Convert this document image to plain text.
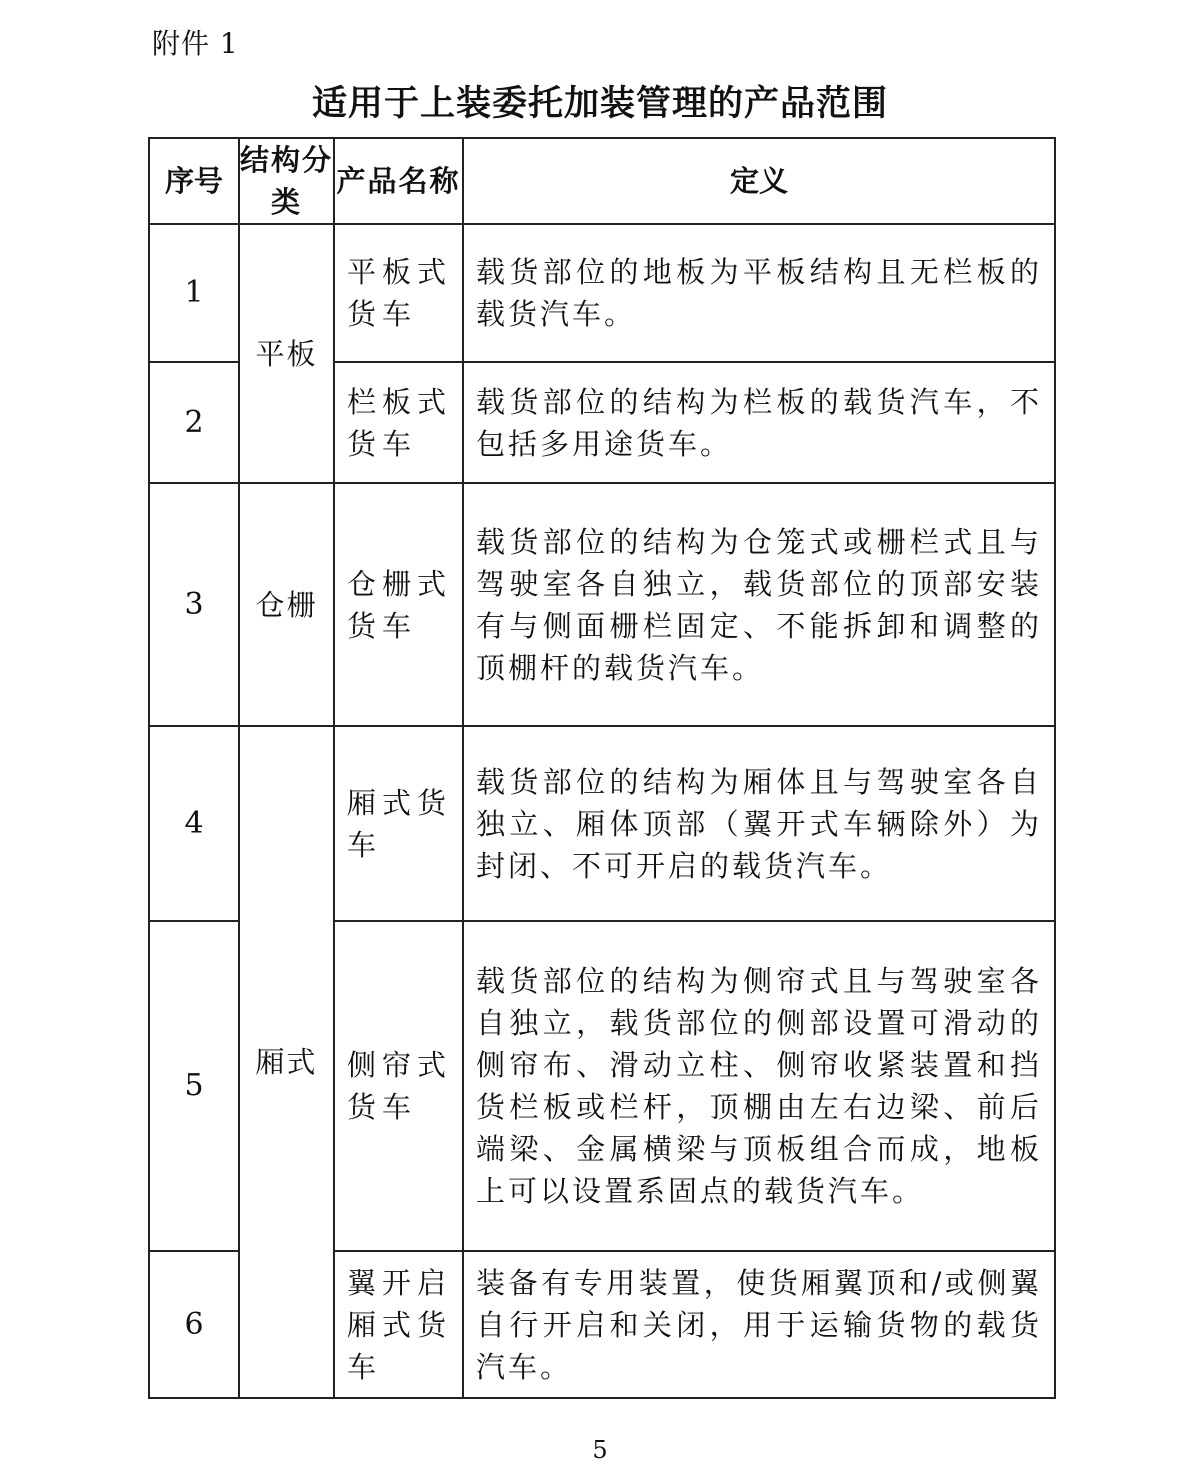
附件 1
适用于上装委托加装管理的产品范围
序号	结构分类	产品名称	定义
1	平板	平板式货车	载货部位的地板为平板结构且无栏板的载货汽车。
2		栏板式货车	载货部位的结构为栏板的载货汽车，不包括多用途货车。
3	仓栅	仓栅式货车	载货部位的结构为仓笼式或栅栏式且与驾驶室各自独立，载货部位的顶部安装有与侧面栅栏固定、不能拆卸和调整的顶棚杆的载货汽车。
4	厢式	厢式货车	载货部位的结构为厢体且与驾驶室各自独立、厢体顶部（翼开式车辆除外）为封闭、不可开启的载货汽车。
5		侧帘式货车	载货部位的结构为侧帘式且与驾驶室各自独立，载货部位的侧部设置可滑动的侧帘布、滑动立柱、侧帘收紧装置和挡货栏板或栏杆，顶棚由左右边梁、前后端梁、金属横梁与顶板组合而成，地板上可以设置系固点的载货汽车。
6		翼开启厢式货车	装备有专用装置，使货厢翼顶和/或侧翼自行开启和关闭，用于运输货物的载货汽车。
5
